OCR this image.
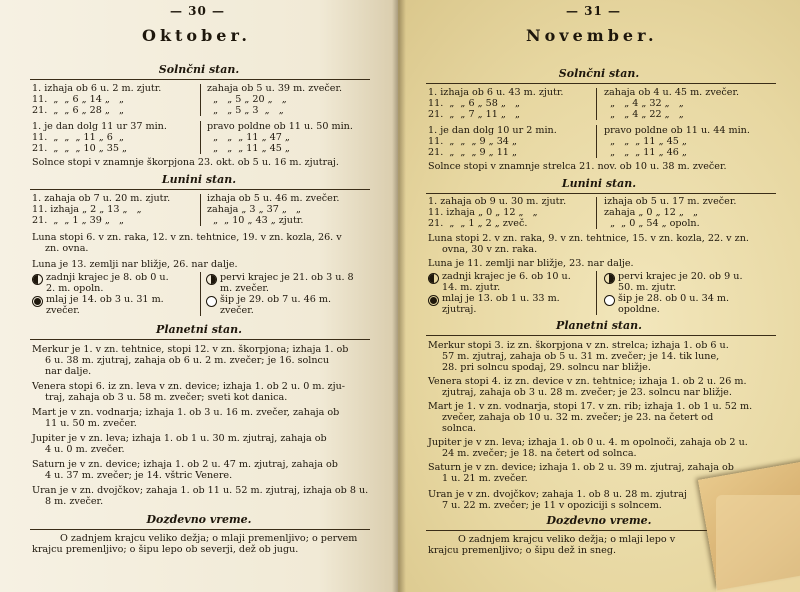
— 30 —
Oktober.
Solnčni stan.
1. izhaja ob 6 u. 2 m. zjutr.
11.  „  „ 6 „ 14 „   „
21.  „  „ 6 „ 28 „   „
1. je dan dolg 11 ur 37 min.
11.  „  „  „ 11 „ 6  „
21.  „  „  „ 10 „ 35 „
zahaja ob 5 u. 39 m. zvečer.
„   „ 5 „ 20 „   „
„   „ 5 „ 3  „   „
pravo poldne ob 11 u. 50 min.
„   „  „ 11 „ 47 „
„   „  „ 11 „ 45 „
Solnce stopi v znamnje škorpjona 23. okt. ob 5 u. 16 m. zjutraj.
Lunini stan.
1. zahaja ob 7 u. 20 m. zjutr.
11. izhaja „ 2 „ 13 „   „
21.  „  „ 1 „ 39 „   „
izhaja ob 5 u. 46 m. zvečer.
zahaja „ 3 „ 37 „   „
„  „ 10 „ 43 „ zjutr.
Luna stopi 6. v zn. raka, 12. v zn. tehtnice, 19. v zn. kozla, 26. v
zn. ovna.
Luna je 13. zemlji nar bližje, 26. nar dalje.
zadnji krajec je 8. ob 0 u.
2. m. opoln.
mlaj je 14. ob 3 u. 31 m.
zvečer.
pervi krajec je 21. ob 3 u. 8
m. zvečer.
šip je 29. ob 7 u. 46 m.
zvečer.
Planetni stan.
Merkur je 1. v zn. tehtnice, stopi 12. v zn. škorpjona; izhaja 1. ob
6 u. 38 m. zjutraj, zahaja ob 6 u. 2 m. zvečer; je 16. solncu
nar dalje.
Venera stopi 6. iz zn. leva v zn. device; izhaja 1. ob 2 u. 0 m. zju-
traj, zahaja ob 3 u. 58 m. zvečer; sveti kot danica.
Mart je v zn. vodnarja; izhaja 1. ob 3 u. 16 m. zvečer, zahaja ob
11 u. 50 m. zvečer.
Jupiter je v zn. leva; izhaja 1. ob 1 u. 30 m. zjutraj, zahaja ob
4 u. 0 m. zvečer.
Saturn je v zn. device; izhaja 1. ob 2 u. 47 m. zjutraj, zahaja ob
4 u. 37 m. zvečer; je 14. vštric Venere.
Uran je v zn. dvojčkov; zahaja 1. ob 11 u. 52 m. zjutraj, izhaja ob 8 u.
8 m. zvečer.
Dozdevno vreme.
O zadnjem krajcu veliko dežja; o mlaji premenljivo; o pervem
krajcu premenljivo; o šipu lepo ob severji, dež ob jugu.
— 31 —
November.
Solnčni stan.
1. izhaja ob 6 u. 43 m. zjutr.
11.  „  „ 6 „ 58 „   „
21.  „  „ 7 „ 11 „   „
1. je dan dolg 10 ur 2 min.
11.  „  „  „ 9 „ 34 „
21.  „  „  „ 9 „ 11 „
zahaja ob 4 u. 45 m. zvečer.
„   „ 4 „ 32 „   „
„   „ 4 „ 22 „   „
pravo poldne ob 11 u. 44 min.
„   „  „ 11 „ 45 „
„   „  „ 11 „ 46 „
Solnce stopi v znamnje strelca 21. nov. ob 10 u. 38 m. zvečer.
Lunini stan.
1. zahaja ob 9 u. 30 m. zjutr.
11. izhaja „ 0 „ 12 „   „
21.  „  „ 1 „ 2 „ zveč.
izhaja ob 5 u. 17 m. zvečer.
zahaja „ 0 „ 12 „   „
„  „ 0 „ 54 „ opoln.
Luna stopi 2. v zn. raka, 9. v zn. tehtnice, 15. v zn. kozla, 22. v zn.
ovna, 30 v zn. raka.
Luna je 11. zemlji nar bližje, 23. nar dalje.
zadnji krajec je 6. ob 10 u.
14. m. zjutr.
mlaj je 13. ob 1 u. 33 m.
zjutraj.
pervi krajec je 20. ob 9 u.
50. m. zjutr.
šip je 28. ob 0 u. 34 m.
opoldne.
Planetni stan.
Merkur stopi 3. iz zn. škorpjona v zn. strelca; izhaja 1. ob 6 u.
57 m. zjutraj, zahaja ob 5 u. 31 m. zvečer; je 14. tik lune,
28. pri solncu spodaj, 29. solncu nar bližje.
Venera stopi 4. iz zn. device v zn. tehtnice; izhaja 1. ob 2 u. 26 m.
zjutraj, zahaja ob 3 u. 28 m. zvečer; je 23. solncu nar bližje.
Mart je 1. v zn. vodnarja, stopi 17. v zn. rib; izhaja 1. ob 1 u. 52 m.
zvečer, zahaja ob 10 u. 32 m. zvečer; je 23. na četert od
solnca.
Jupiter je v zn. leva; izhaja 1. ob 0 u. 4. m opolnoči, zahaja ob 2 u.
24 m. zvečer; je 18. na četert od solnca.
Saturn je v zn. device; izhaja 1. ob 2 u. 39 m. zjutraj, zahaja ob
1 u. 21 m. zvečer.
Uran je v zn. dvojčkov; zahaja 1. ob 8 u. 28 m. zjutraj
7 u. 22 m. zvečer; je 11 v opoziciji s solncem.
Dozdevno vreme.
O zadnjem krajcu veliko dežja; o mlaji lepo v
krajcu premenljivo; o šipu dež in sneg.
